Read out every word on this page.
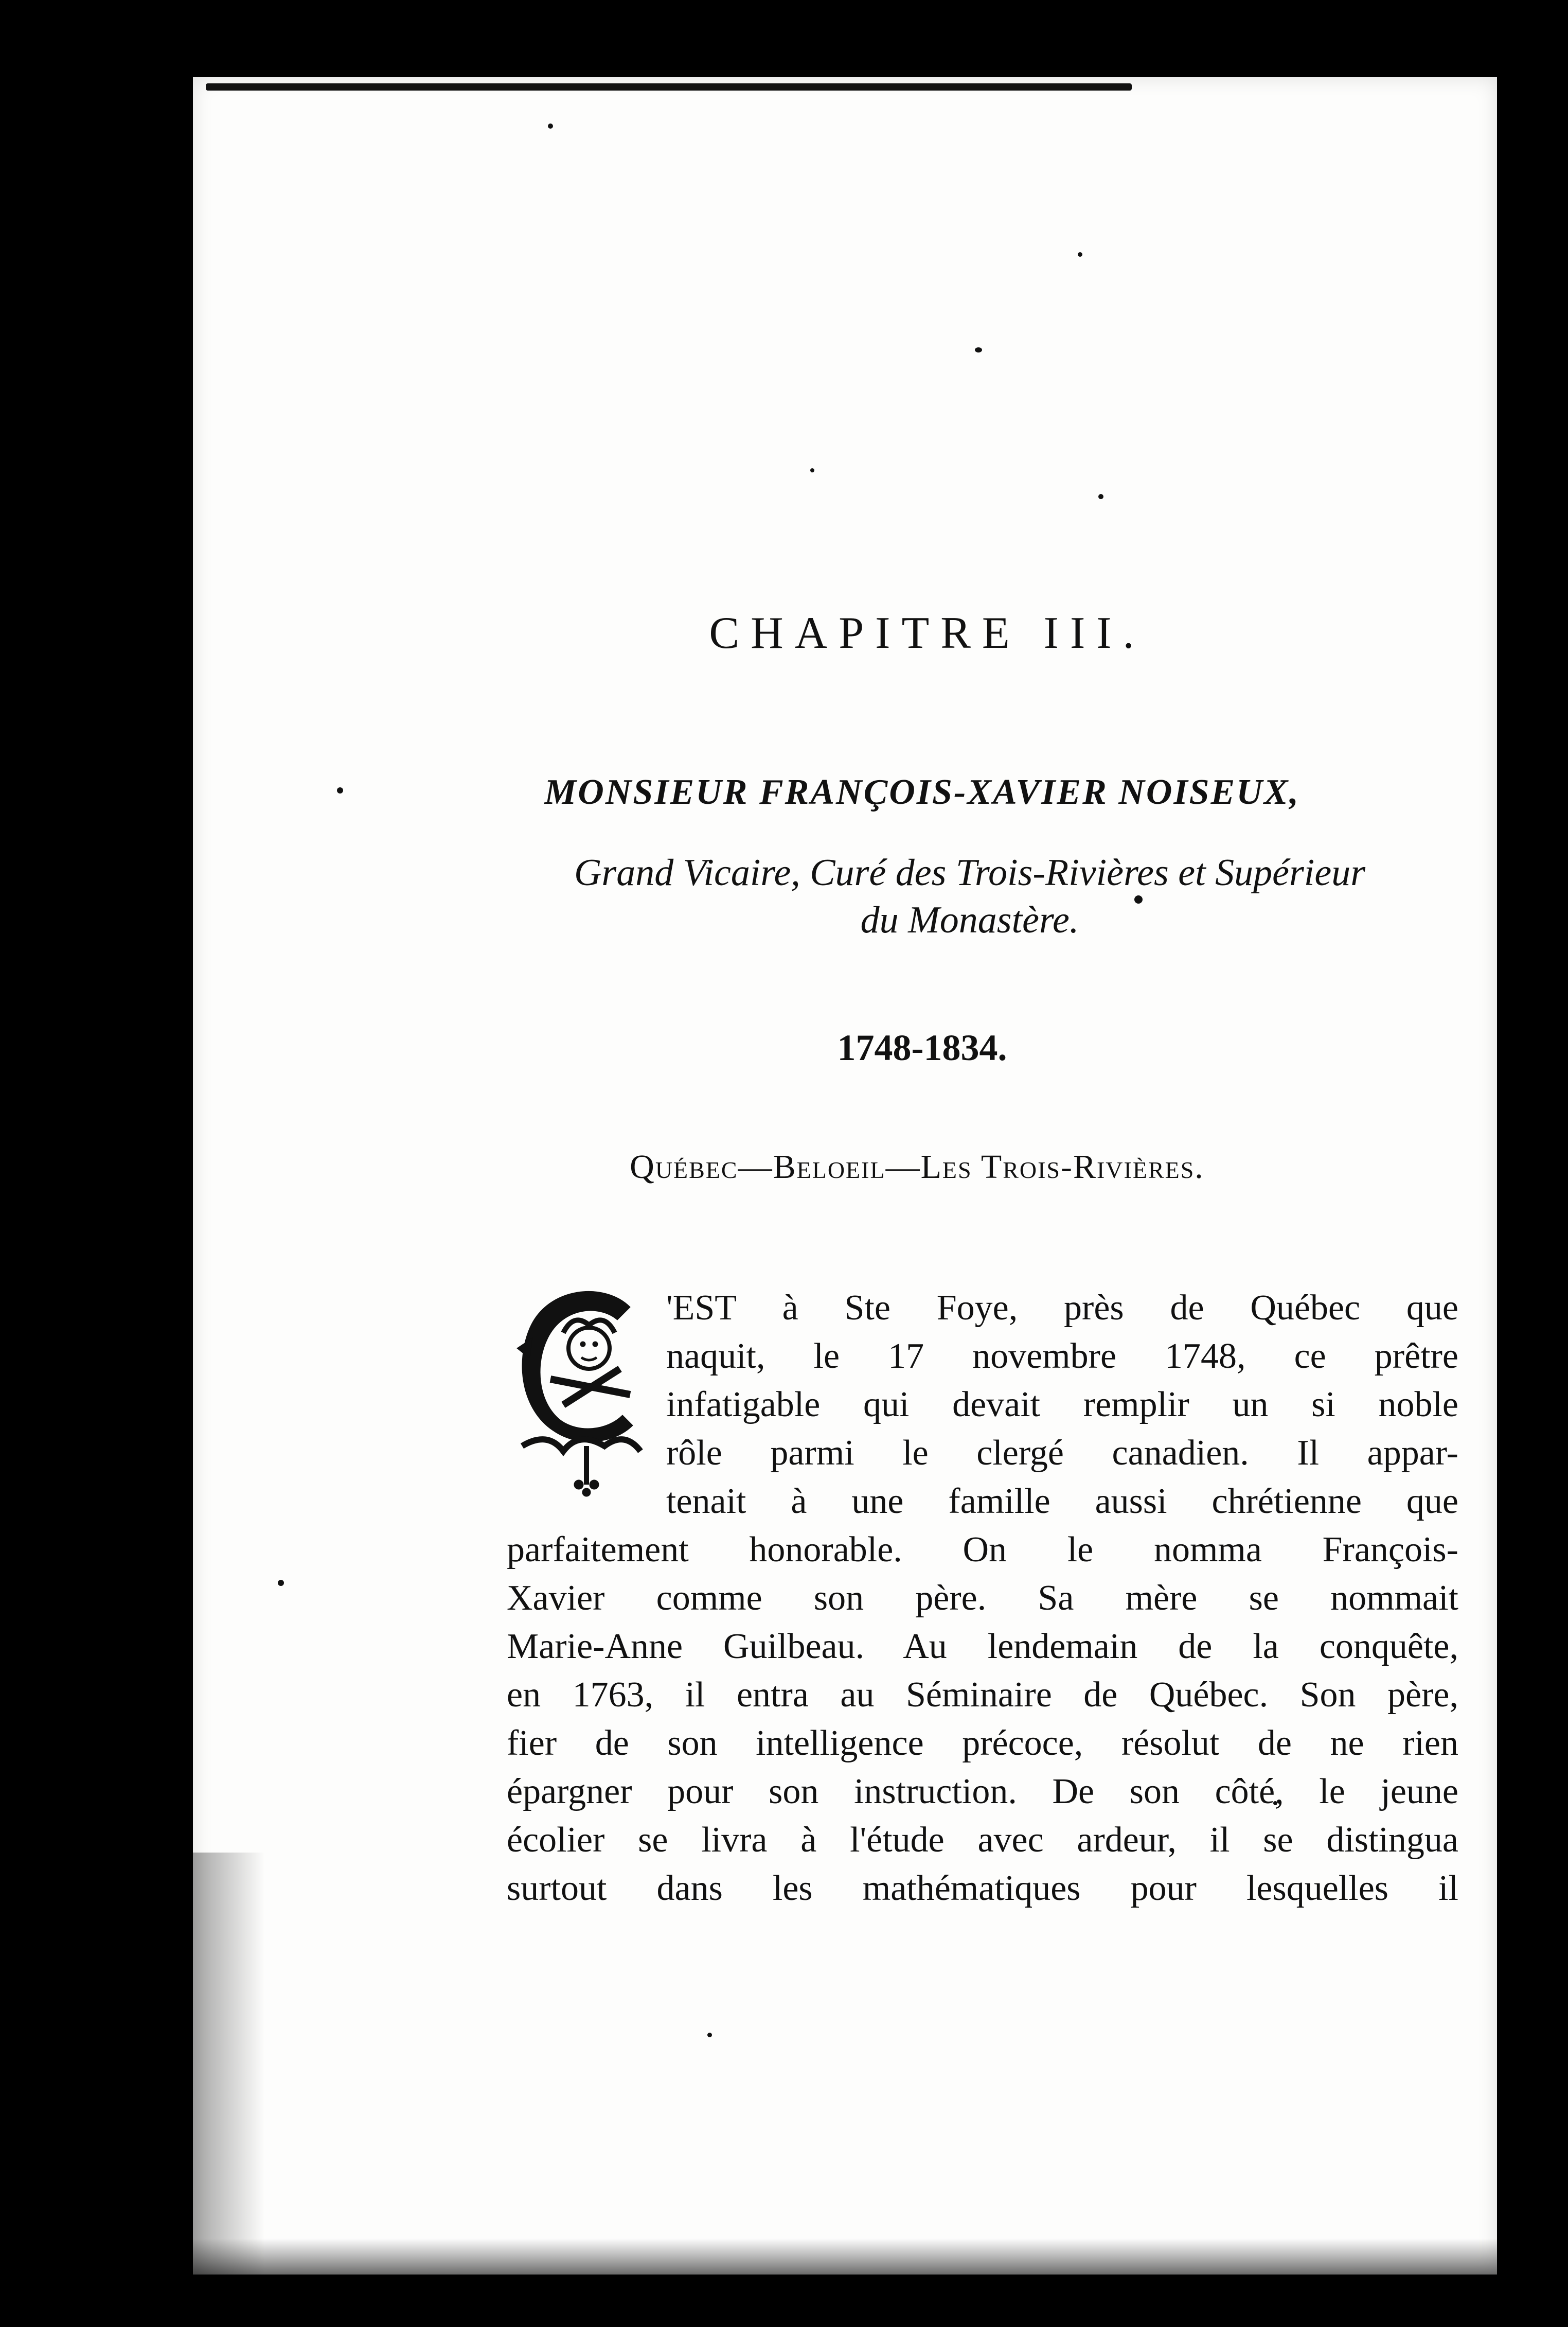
CHAPITRE III.
MONSIEUR FRANÇOIS-XAVIER NOISEUX,
Grand Vicaire, Curé des Trois-Rivières et Supérieur
du Monastère.
1748-1834.
Québec—Beloeil—Les Trois-Rivières.
'EST à Ste Foye, près de Québec que
naquit, le 17 novembre 1748, ce prêtre
infatigable qui devait remplir un si noble
rôle parmi le clergé canadien. Il appar-
tenait à une famille aussi chrétienne que
parfaitement honorable. On le nomma François-
Xavier comme son père. Sa mère se nommait
Marie-Anne Guilbeau. Au lendemain de la conquête,
en 1763, il entra au Séminaire de Québec. Son père,
fier de son intelligence précoce, résolut de ne rien
épargner pour son instruction. De son côté, le jeune
écolier se livra à l'étude avec ardeur, il se distingua
surtout dans les mathématiques pour lesquelles il
